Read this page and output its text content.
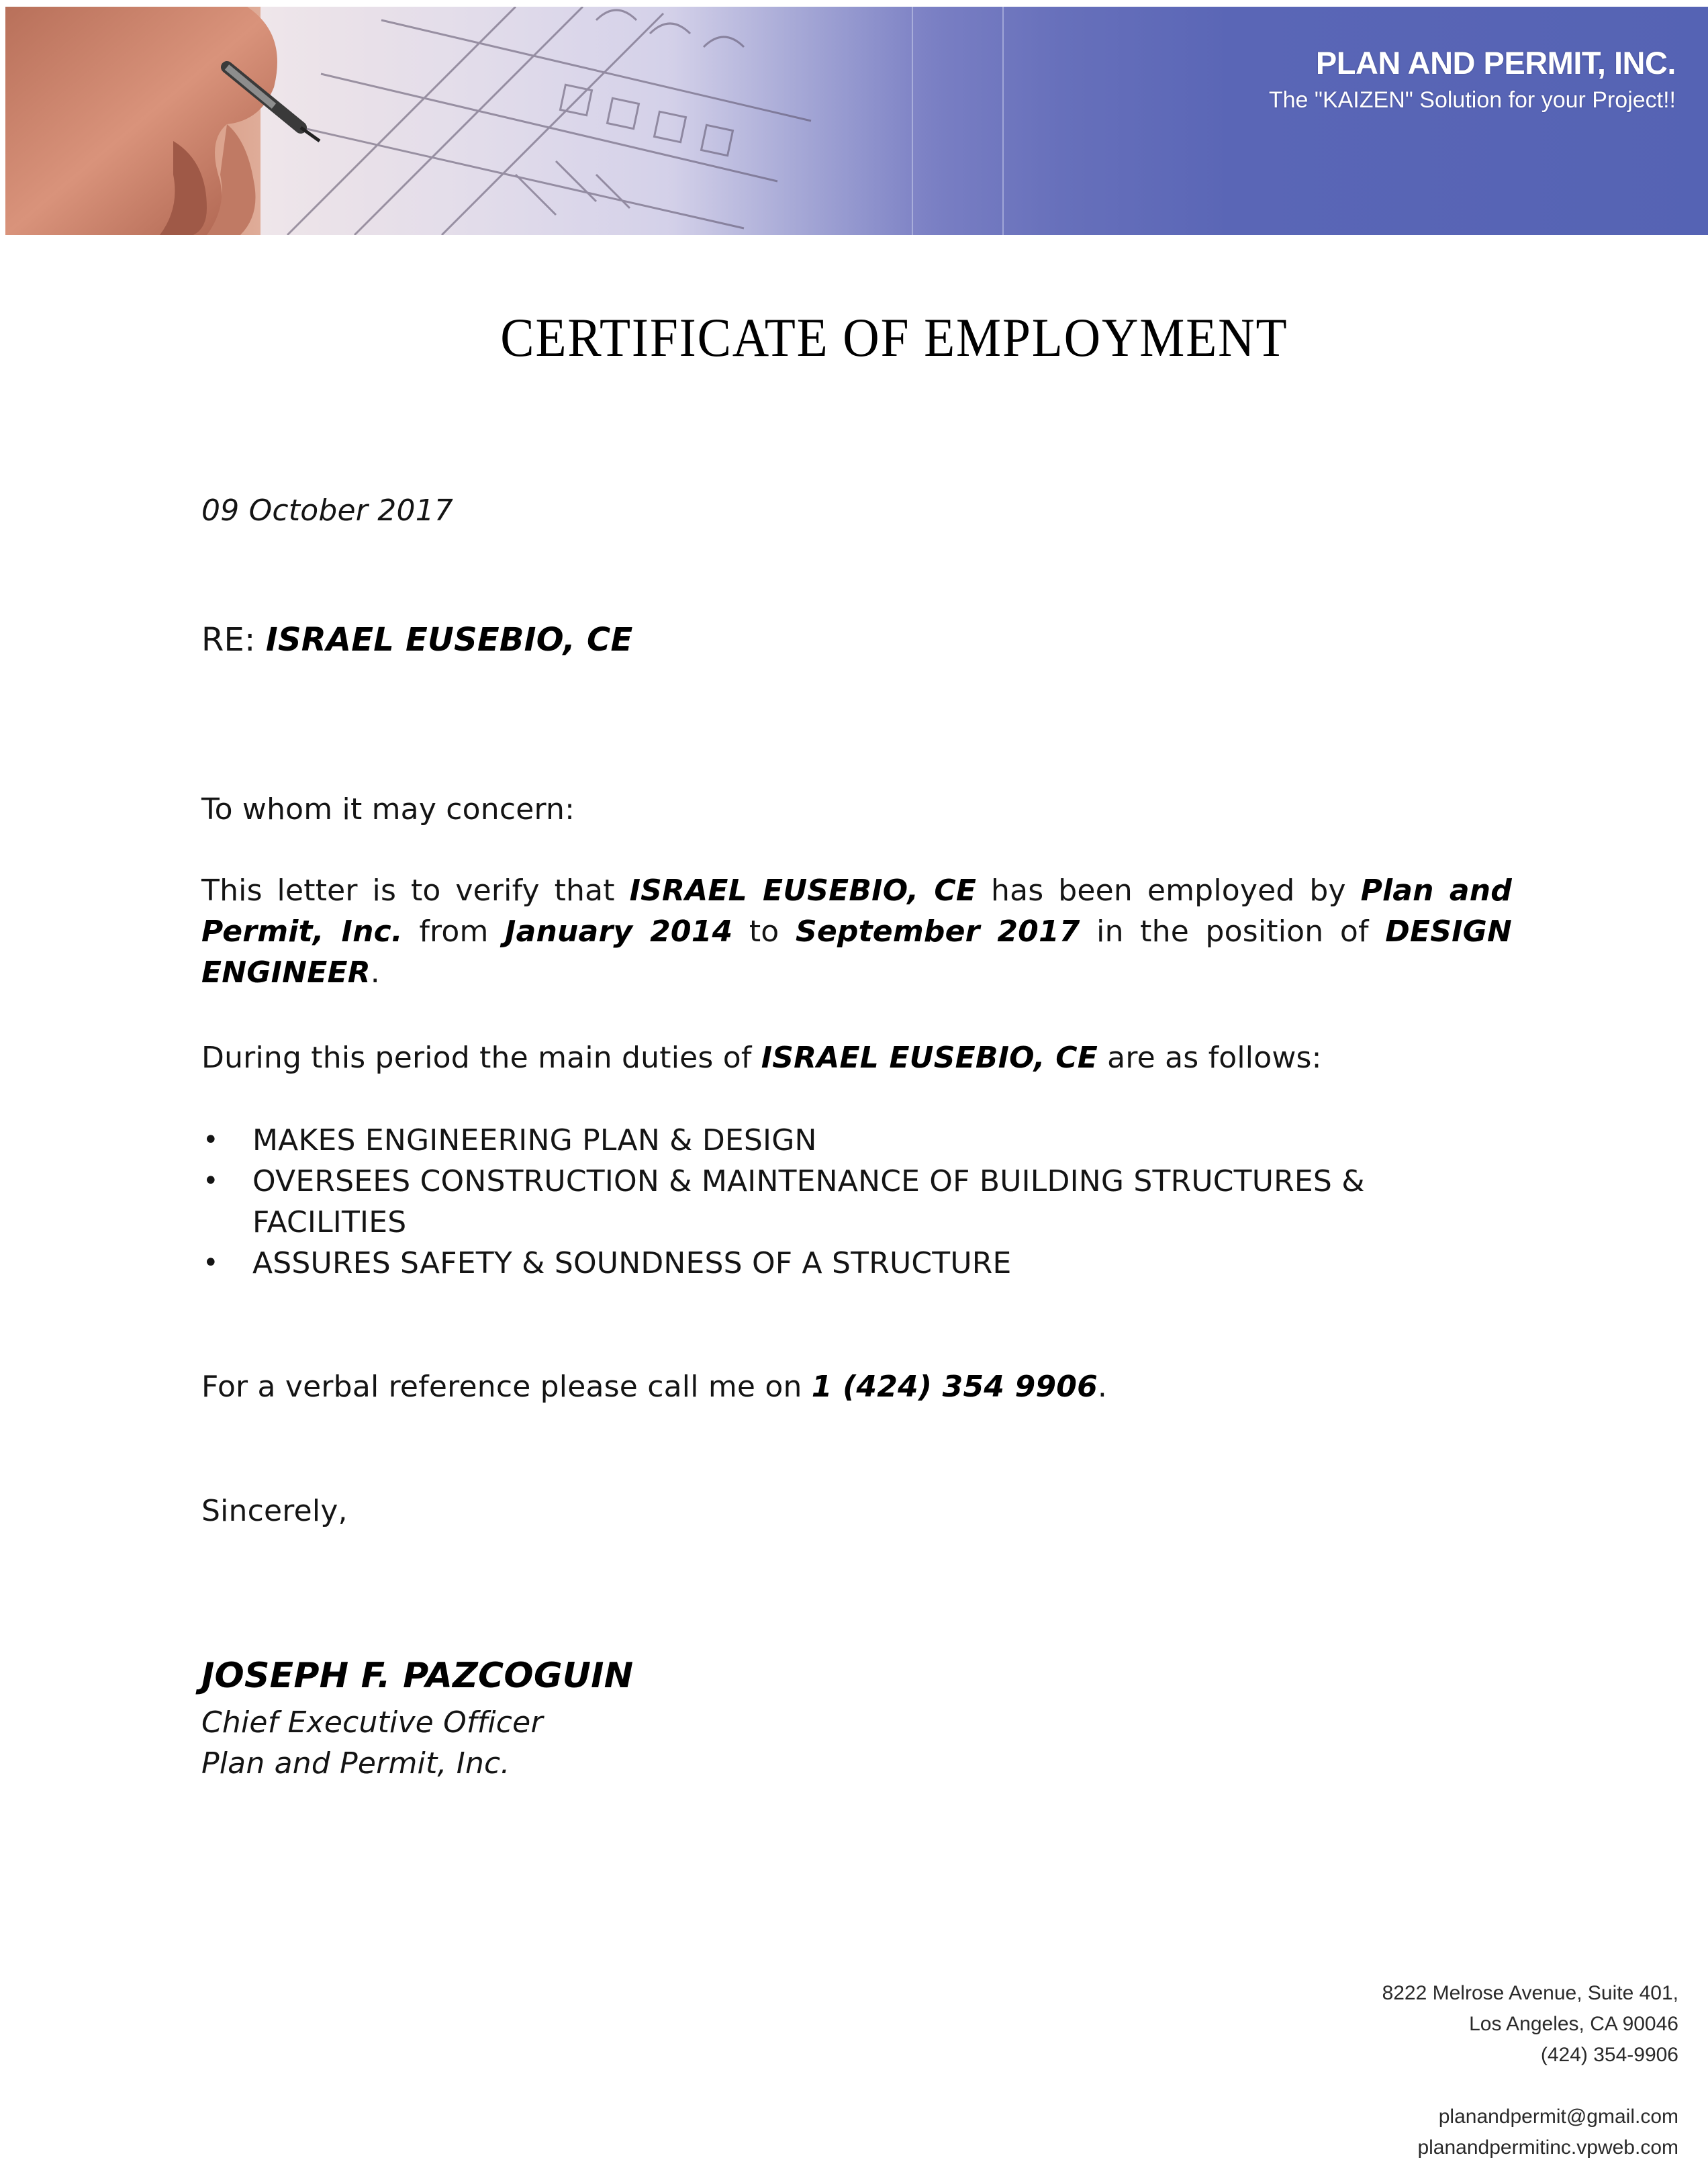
PLAN AND PERMIT, INC.
The "KAIZEN" Solution for your Project!!
CERTIFICATE OF EMPLOYMENT
09 October 2017
RE: ISRAEL EUSEBIO, CE
To whom it may concern:
This letter is to verify that ISRAEL EUSEBIO, CE has been employed by Plan and Permit, Inc. from January 2014 to September 2017 in the position of DESIGN ENGINEER.
During this period the main duties of ISRAEL EUSEBIO, CE are as follows:
• MAKES ENGINEERING PLAN & DESIGN
• OVERSEES CONSTRUCTION & MAINTENANCE OF BUILDING STRUCTURES & FACILITIES
• ASSURES SAFETY & SOUNDNESS OF A STRUCTURE
For a verbal reference please call me on 1 (424) 354 9906.
Sincerely,
JOSEPH F. PAZCOGUIN
Chief Executive Officer
Plan and Permit, Inc.
8222 Melrose Avenue, Suite 401,
Los Angeles, CA 90046
(424) 354-9906
planandpermit@gmail.com
planandpermitinc.vpweb.com
